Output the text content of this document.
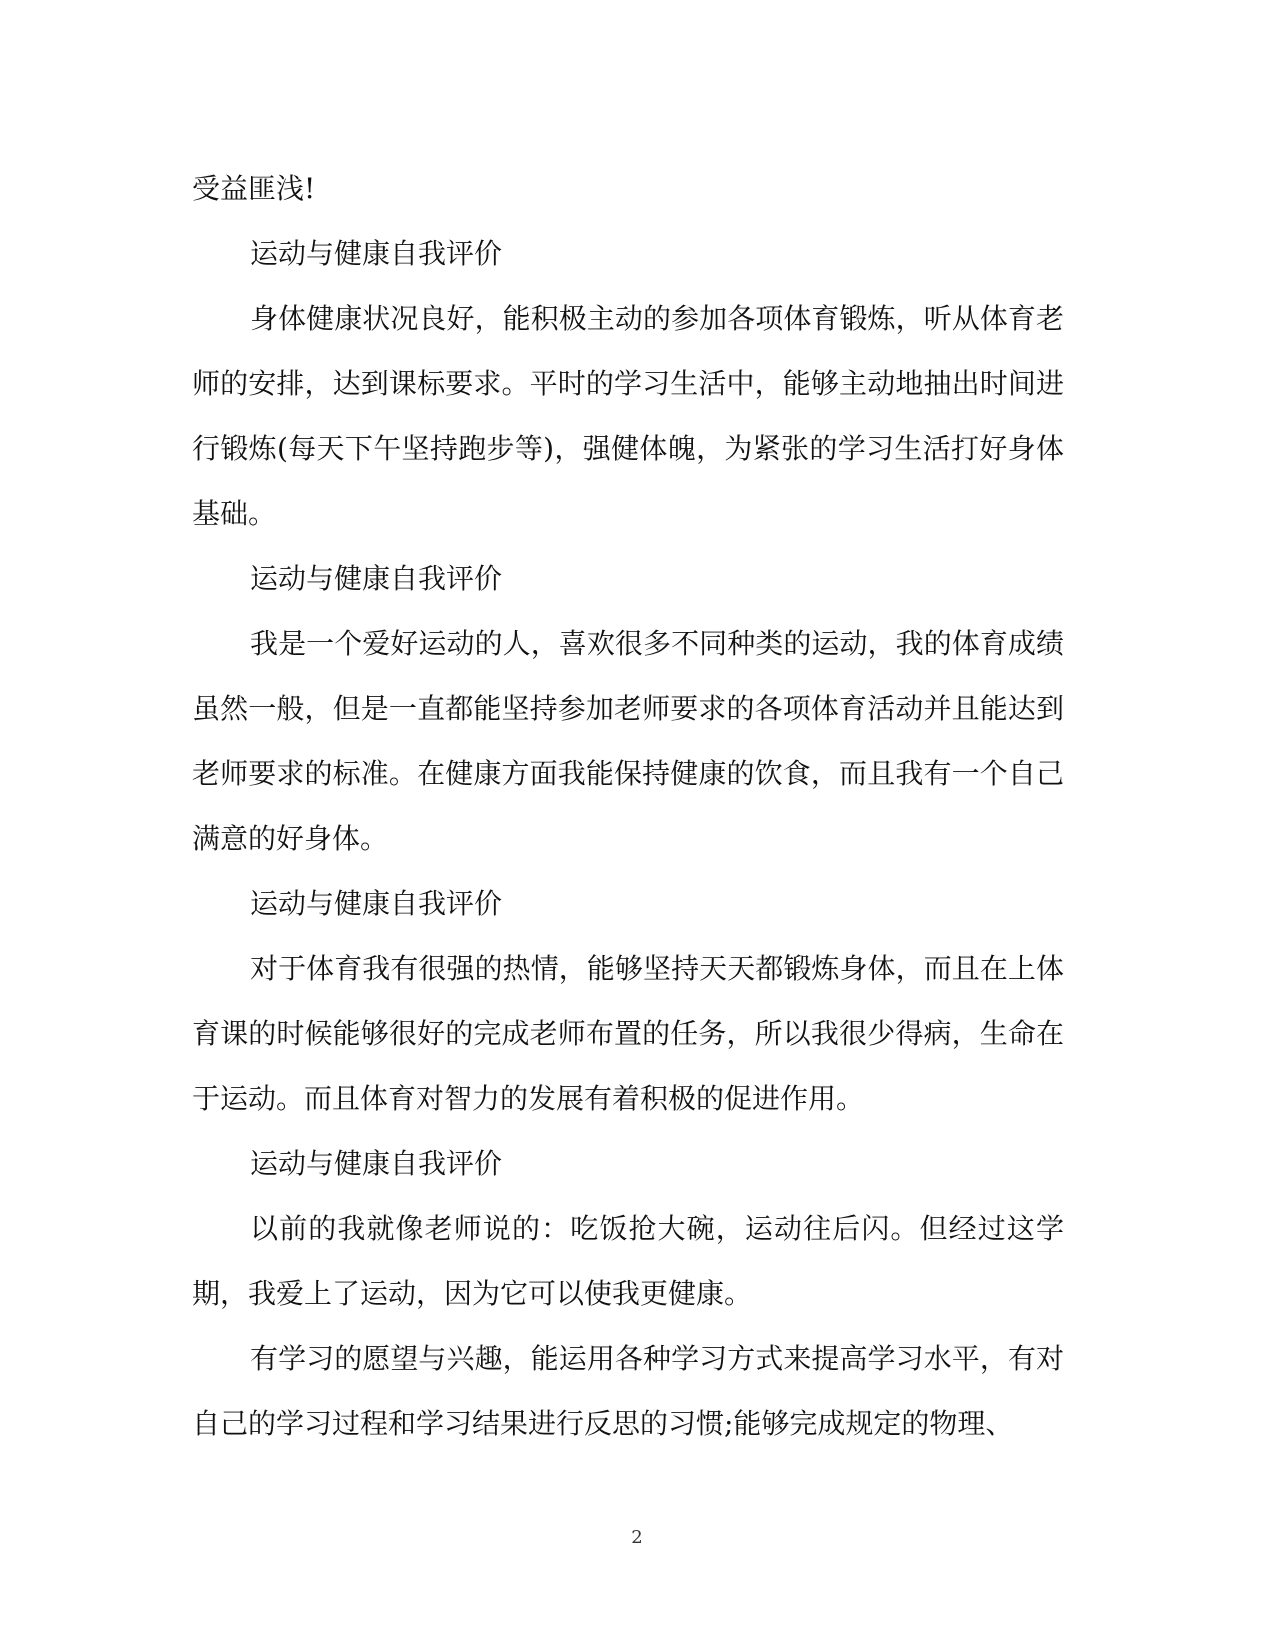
受益匪浅!

运动与健康自我评价

身体健康状况良好，能积极主动的参加各项体育锻炼，听从体育老师的安排，达到课标要求。平时的学习生活中，能够主动地抽出时间进行锻炼(每天下午坚持跑步等)，强健体魄，为紧张的学习生活打好身体基础。

运动与健康自我评价

我是一个爱好运动的人，喜欢很多不同种类的运动，我的体育成绩虽然一般，但是一直都能坚持参加老师要求的各项体育活动并且能达到老师要求的标准。在健康方面我能保持健康的饮食，而且我有一个自己满意的好身体。

运动与健康自我评价

对于体育我有很强的热情，能够坚持天天都锻炼身体，而且在上体育课的时候能够很好的完成老师布置的任务，所以我很少得病，生命在于运动。而且体育对智力的发展有着积极的促进作用。

运动与健康自我评价

以前的我就像老师说的：吃饭抢大碗，运动往后闪。但经过这学期，我爱上了运动，因为它可以使我更健康。

有学习的愿望与兴趣，能运用各种学习方式来提高学习水平，有对自己的学习过程和学习结果进行反思的习惯;能够完成规定的物理、

2
